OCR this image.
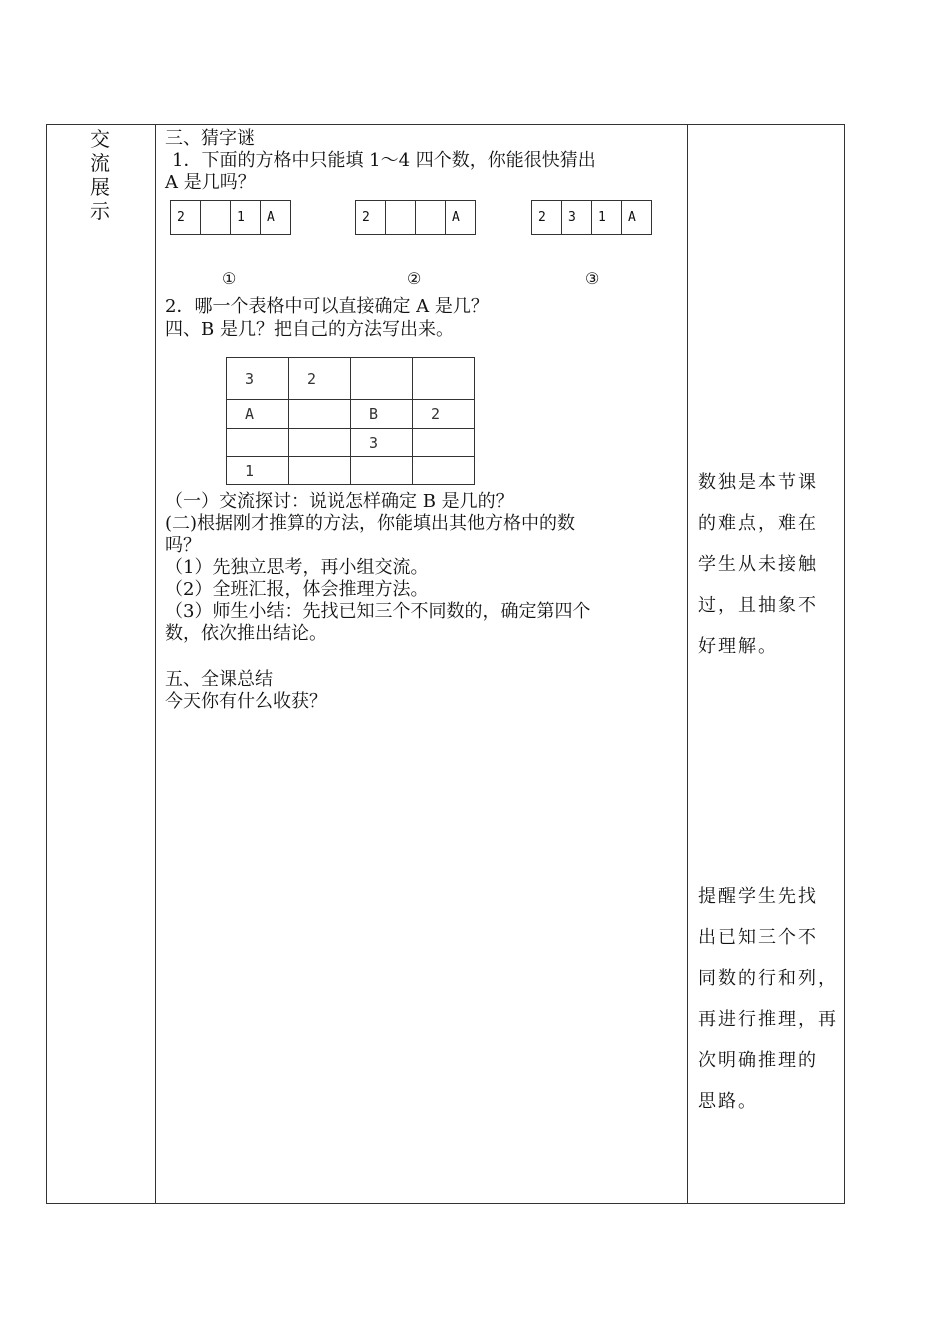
交
流
展
示
三、猜字谜
1．下面的方格中只能填 1～4 四个数，你能很快猜出
A 是几吗？
2		1	A	2			A	2	3	1	A
①	②	③
2．哪一个表格中可以直接确定 A 是几？
四、B 是几？把自己的方法写出来。
3	2		
A		B	2
		3	
1			
（一）交流探讨：说说怎样确定 B 是几的？
(二)根据刚才推算的方法，你能填出其他方格中的数
吗？
（1）先独立思考，再小组交流。
（2）全班汇报，体会推理方法。
（3）师生小结：先找已知三个不同数的，确定第四个
数，依次推出结论。
五、全课总结
今天你有什么收获？
数独是本节课
的难点，难在
学生从未接触
过，且抽象不
好理解。
提醒学生先找
出已知三个不
同数的行和列，
再进行推理，再
次明确推理的
思路。
